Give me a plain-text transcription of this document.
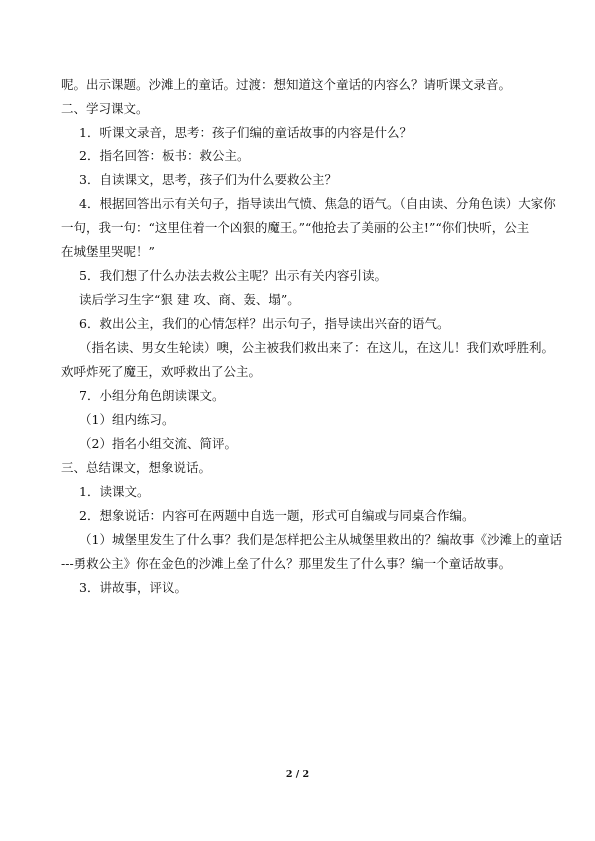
呢。出示课题。沙滩上的童话。过渡：想知道这个童话的内容么？请听课文录音。
二、学习课文。
1．听课文录音，思考：孩子们编的童话故事的内容是什么？
2．指名回答：板书：救公主。
3．自读课文，思考，孩子们为什么要救公主？
4．根据回答出示有关句子，指导读出气愤、焦急的语气。（自由读、分角色读）大家你
一句，我一句：“这里住着一个凶狠的魔王。”“他抢去了美丽的公主!”“你们快听，公主
在城堡里哭呢！”
5．我们想了什么办法去救公主呢？出示有关内容引读。
读后学习生字“狠 建 攻、商、轰、塌”。
6．救出公主，我们的心情怎样？出示句子，指导读出兴奋的语气。
（指名读、男女生轮读）噢，公主被我们救出来了：在这儿，在这儿！我们欢呼胜利。
欢呼炸死了魔王，欢呼救出了公主。
7．小组分角色朗读课文。
（1）组内练习。
（2）指名小组交流、简评。
三、总结课文，想象说话。
1．读课文。
2．想象说话：内容可在两题中自选一题，形式可自编或与同桌合作编。
（1）城堡里发生了什么事？我们是怎样把公主从城堡里救出的？编故事《沙滩上的童话
---勇救公主》你在金色的沙滩上垒了什么？那里发生了什么事？编一个童话故事。
3．讲故事，评议。
2 / 2
